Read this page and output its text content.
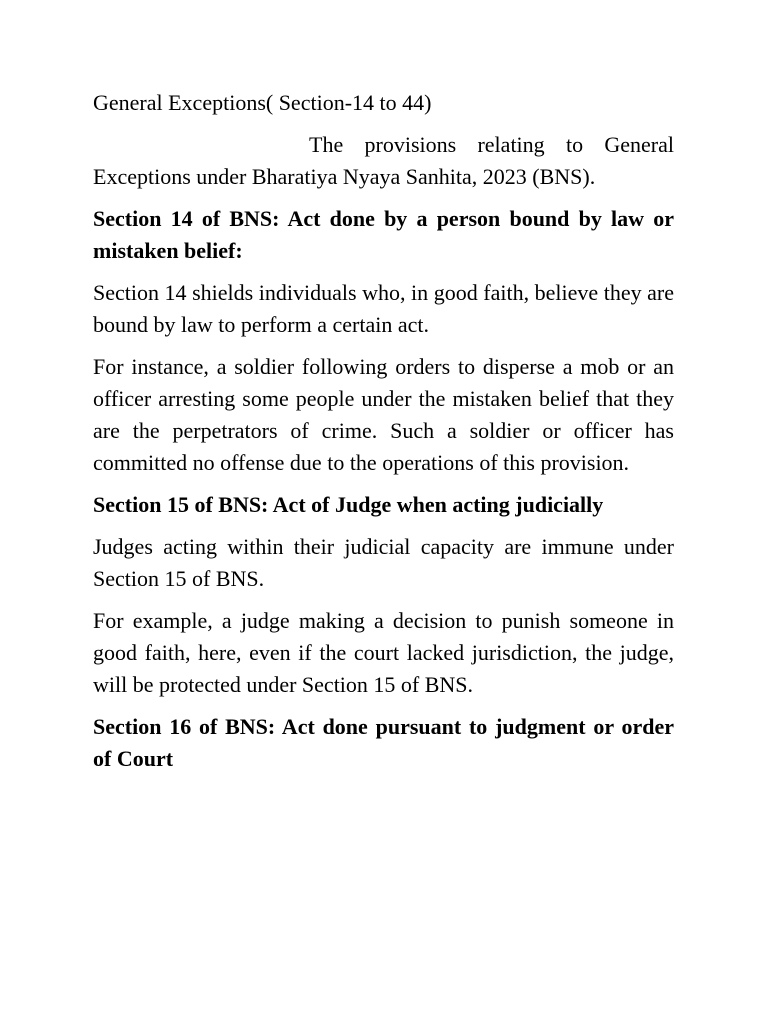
General Exceptions( Section-14 to 44)

The provisions relating to General Exceptions under Bharatiya Nyaya Sanhita, 2023 (BNS).

Section 14 of BNS: Act done by a person bound by law or mistaken belief:

Section 14 shields individuals who, in good faith, believe they are bound by law to perform a certain act.

For instance, a soldier following orders to disperse a mob or an officer arresting some people under the mistaken belief that they are the perpetrators of crime. Such a soldier or officer has committed no offense due to the operations of this provision.

Section 15 of BNS: Act of Judge when acting judicially

Judges acting within their judicial capacity are immune under Section 15 of BNS.

For example, a judge making a decision to punish someone in good faith, here, even if the court lacked jurisdiction, the judge, will be protected under Section 15 of BNS.

Section 16 of BNS: Act done pursuant to judgment or order of Court
